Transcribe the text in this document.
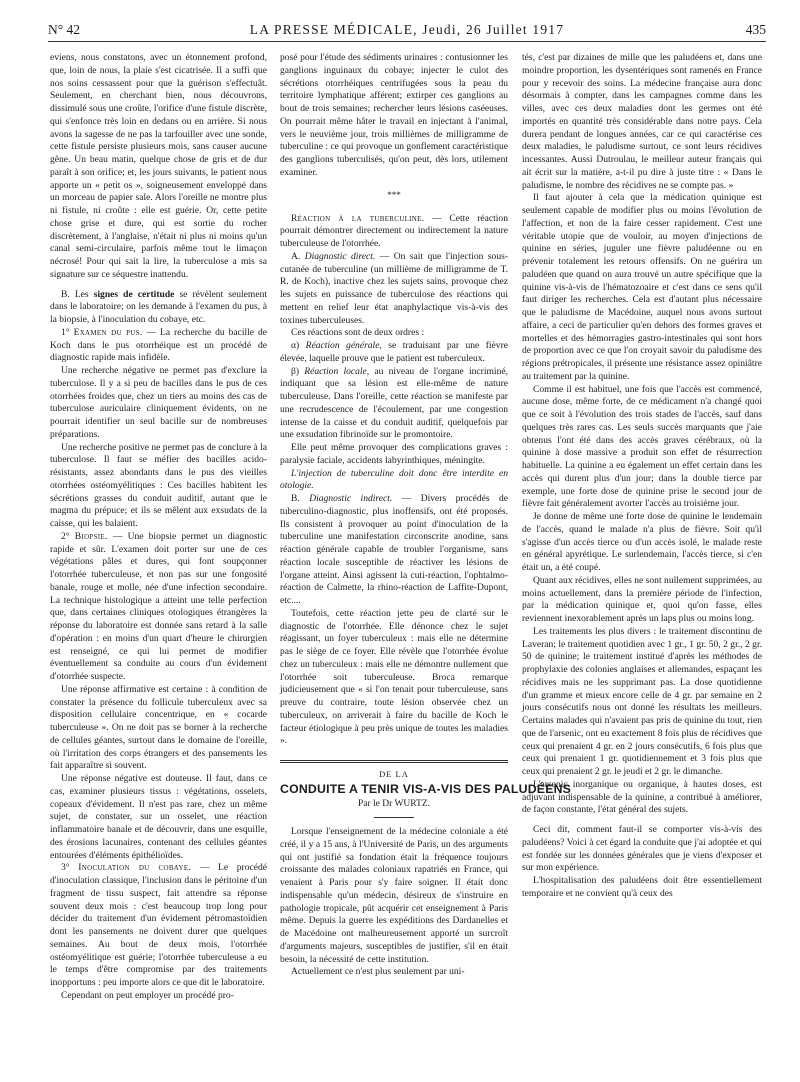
N° 42	LA PRESSE MÉDICALE, Jeudi, 26 Juillet 1917	435

eviens, nous constatons, avec un étonnement profond, que, loin de nous, la plaie s'est cicatrisée. Il a suffi que nos soins cessassent pour que la guérison s'effectuât. Seulement, en cherchant bien, nous découvrons, dissimulé sous une croûte, l'orifice d'une fistule discrète, qui s'enfonce très loin en dedans ou en arrière. Si nous avons la sagesse de ne pas la tarfouiller avec une sonde, cette fistule persiste plusieurs mois, sans causer aucune gêne. Un beau matin, quelque chose de gris et de dur paraît à son orifice; et, les jours suivants, le patient nous apporte un « petit os », soigneusement enveloppé dans un morceau de papier sale. Alors l'oreille ne montre plus ni fistule, ni croûte : elle est guérie. Or, cette petite chose grise et dure, qui est sortie du rocher discrètement, à l'anglaise, n'était ni plus ni moins qu'un canal semi-circulaire, parfois même tout le limaçon nécrosé! Pour qui sait la lire, la tuberculose a mis sa signature sur ce séquestre inattendu.

B. Les signes de certitude se révèlent seulement dans le laboratoire; on les demande à l'examen du pus, à la biopsie, à l'inoculation du cobaye, etc.

1° Examen du pus. — La recherche du bacille de Koch dans le pus otorrhéique est un procédé de diagnostic rapide mais infidèle.

Une recherche négative ne permet pas d'exclure la tuberculose. Il y a si peu de bacilles dans le pus de ces otorrhées froides que, chez un tiers au moins des cas de tuberculose auriculaire cliniquement évidents, on ne pourrait identifier un seul bacille sur de nombreuses préparations.

Une recherche positive ne permet pas de conclure à la tuberculose. Il faut se méfier des bacilles acido-résistants, assez abondants dans le pus des vieilles otorrhées ostéomyélitiques : Ces bacilles habitent les sécrétions grasses du conduit auditif, autant que le magma du prépuce; et ils se mêlent aux exsudats de la caisse, qui les balaient.

2° Biopsie. — Une biopsie permet un diagnostic rapide et sûr. L'examen doit porter sur une de ces végétations pâles et dures, qui font soupçonner l'otorrhée tuberculeuse, et non pas sur une fongosité banale, rouge et molle, née d'une infection secondaire. La technique histologique a atteint une telle perfection que, dans certaines cliniques otologiques étrangères la réponse du laboratoire est donnée sans retard à la salle d'opération : en moins d'un quart d'heure le chirurgien est renseigné, ce qui lui permet de modifier éventuellement sa conduite au cours d'un évidement d'otorrhée suspecte.

Une réponse affirmative est certaine : à condition de constater la présence du follicule tuberculeux avec sa disposition cellulaire concentrique, en « cocarde tuberculeuse ». On ne doit pas se borner à la recherche de cellules géantes, surtout dans le domaine de l'oreille, où l'irritation des corps étrangers et des pansements les fait apparaître si souvent.

Une réponse négative est douteuse. Il faut, dans ce cas, examiner plusieurs tissus : végétations, osselets, copeaux d'évidement. Il n'est pas rare, chez un même sujet, de constater, sur un osselet, une réaction inflammatoire banale et de découvrir, dans une esquille, des érosions lacunaires, contenant des cellules géantes entourées d'éléments épithélioïdes.

3° Inoculation du cobaye. — Le procédé d'inoculation classique, l'inclusion dans le péritoine d'un fragment de tissu suspect, fait attendre sa réponse souvent deux mois : c'est beaucoup trop long pour décider du traitement d'un évidement pétromastoïdien dont les pansements ne doivent durer que quelques semaines. Au bout de deux mois, l'otorrhée ostéomyélitique est guérie; l'otorrhée tuberculeuse a eu le temps d'être compromise par des traitements inopportuns : peu importe alors ce que dit le laboratoire.

Cependant on peut employer un procédé pro-

posé pour l'étude des sédiments urinaires : contusionner les ganglions inguinaux du cobaye; injecter le culot des sécrétions otorrhéiques centrifugées sous la peau du territoire lymphatique afférent; extirper ces ganglions au bout de trois semaines; rechercher leurs lésions caséeuses. On pourrait même hâter le travail en injectant à l'animal, vers le neuvième jour, trois millièmes de milligramme de tuberculine : ce qui provoque un gonflement caractéristique des ganglions tuberculisés, qu'on peut, dès lors, utilement examiner.

***

Réaction à la tuberculine. — Cette réaction pourrait démontrer directement ou indirectement la nature tuberculeuse de l'otorrhée.

A. Diagnostic direct. — On sait que l'injection sous-cutanée de tuberculine (un millième de milligramme de T. R. de Koch), inactive chez les sujets sains, provoque chez les sujets en puissance de tuberculose des réactions qui mettent en relief leur état anaphylactique vis-à-vis des toxines tuberculeuses.

Ces réactions sont de deux ordres :

α) Réaction générale, se traduisant par une fièvre élevée, laquelle prouve que le patient est tuberculeux.

β) Réaction locale, au niveau de l'organe incriminé, indiquant que sa lésion est elle-même de nature tuberculeuse. Dans l'oreille, cette réaction se manifeste par une recrudescence de l'écoulement, par une congestion intense de la caisse et du conduit auditif, quelquefois par une exsudation fibrinoïde sur le promontoire.

Elle peut même provoquer des complications graves : paralysie faciale, accidents labyrinthiques, méningite.

L'injection de tuberculine doit donc être interdite en otologie.

B. Diagnostic indirect. — Divers procédés de tuberculino-diagnostic, plus inoffensifs, ont été proposés. Ils consistent à provoquer au point d'inoculation de la tuberculine une manifestation circonscrite anodine, sans réaction générale capable de troubler l'organisme, sans réaction locale susceptible de réactiver les lésions de l'organe atteint. Ainsi agissent la cuti-réaction, l'ophtalmo-réaction de Calmette, la rhino-réaction de Laffite-Dupont, etc....

Toutefois, cette réaction jette peu de clarté sur le diagnostic de l'otorrhée. Elle dénonce chez le sujet réagissant, un foyer tuberculeux : mais elle ne détermine pas le siège de ce foyer. Elle révèle que l'otorrhée évolue chez un tuberculeux : mais elle ne démontre nullement que l'otorrhée soit tuberculeuse. Broca remarque judicieusement que « si l'on tenait pour tuberculeuse, sans preuve du contraire, toute lésion observée chez un tuberculeux, on arriverait à faire du bacille de Koch le facteur étiologique à peu près unique de toutes les maladies ».

DE LA
CONDUITE A TENIR VIS-A-VIS DES PALUDÉENS
Par le Dr WURTZ.

Lorsque l'enseignement de la médecine coloniale a été créé, il y a 15 ans, à l'Université de Paris, un des arguments qui ont justifié sa fondation était la fréquence toujours croissante des malades coloniaux rapatriés en France, qui venaient à Paris pour s'y faire soigner. Il était donc indispensable qu'un médecin, désireux de s'instruire en pathologie tropicale, pût acquérir cet enseignement à Paris même. Depuis la guerre les expéditions des Dardanelles et de Macédoine ont malheureusement apporté un surcroît d'arguments majeurs, susceptibles de justifier, s'il en était besoin, la nécessité de cette institution.

Actuellement ce n'est plus seulement par uni-

tés, c'est par dizaines de mille que les paludéens et, dans une moindre proportion, les dysentériques sont ramenés en France pour y recevoir des soins. La médecine française aura donc désormais à compter, dans les campagnes comme dans les villes, avec ces deux maladies dont les germes ont été importés en quantité très considérable dans notre pays. Cela durera pendant de longues années, car ce qui caractérise ces deux maladies, le paludisme surtout, ce sont leurs récidives incessantes. Aussi Dutroulau, le meilleur auteur français qui ait écrit sur la matière, a-t-il pu dire à juste titre : « Dans le paludisme, le nombre des récidives ne se compte pas. »

Il faut ajouter à cela que la médication quinique est seulement capable de modifier plus ou moins l'évolution de l'affection, et non de la faire cesser rapidement. C'est une véritable utopie que de vouloir, au moyen d'injections de quinine en séries, juguler une fièvre paludéenne ou en prévenir totalement les retours offensifs. On ne guérira un paludéen que quand on aura trouvé un autre spécifique que la quinine vis-à-vis de l'hématozoaire et c'est dans ce sens qu'il faut diriger les recherches. Cela est d'autant plus nécessaire que le paludisme de Macédoine, auquel nous avons surtout affaire, a ceci de particulier qu'en dehors des formes graves et mortelles et des hémorragies gastro-intestinales qui sont hors de proportion avec ce que l'on croyait savoir du paludisme des régions prétropicales, il présente une résistance assez opiniâtre au traitement par la quinine.

Comme il est habituel, une fois que l'accès est commencé, aucune dose, même forte, de ce médicament n'a changé quoi que ce soit à l'évolution des trois stades de l'accès, sauf dans quelques très rares cas. Les seuls succès marquants que j'aie obtenus l'ont été dans des accès graves cérébraux, où la quinine à dose massive a produit son effet de résurrection habituelle. La quinine a eu également un effet certain dans les accès qui durent plus d'un jour; dans la double tierce par exemple, une forte dose de quinine prise le second jour de fièvre fait généralement avorter l'accès au troisième jour.

Je donne de même une forte dose de quinine le lendemain de l'accès, quand le malade n'a plus de fièvre. Soit qu'il s'agisse d'un accès tierce ou d'un accès isolé, le malade reste en général apyrétique. Le surlendemain, l'accès tierce, si c'en était un, a été coupé.

Quant aux récidives, elles ne sont nullement supprimées, au moins actuellement, dans la première période de l'infection, par la médication quinique et, quoi qu'on fasse, elles reviennent inexorablement après un laps plus ou moins long.

Les traitements les plus divers : le traitement discontinu de Laveran; le traitement quotidien avec 1 gr., 1 gr. 50, 2 gr., 2 gr. 50 de quinine; le traitement institué d'après les méthodes de prophylaxie des colonies anglaises et allemandes, espaçant les récidives mais ne les supprimant pas. La dose quotidienne d'un gramme et mieux encore celle de 4 gr. par semaine en 2 jours consécutifs nous ont donné les résultats les meilleurs. Certains malades qui n'avaient pas pris de quinine du tout, rien que de l'arsenic, ont eu exactement 8 fois plus de récidives que ceux qui prenaient 4 gr. en 2 jours consécutifs, 6 fois plus que ceux qui prenaient 1 gr. quotidiennement et 3 fois plus que ceux qui prenaient 2 gr. le jeudi et 2 gr. le dimanche.

L'arsenic inorganique ou organique, à hautes doses, est adjuvant indispensable de la quinine, a contribué à améliorer, de façon constante, l'état général des sujets.

Ceci dit, comment faut-il se comporter vis-à-vis des paludéens? Voici à cet égard la conduite que j'ai adoptée et qui est fondée sur les données générales que je viens d'exposer et sur mon expérience.

L'hospitalisation des paludéens doit être essentiellement temporaire et ne convient qu'à ceux des
